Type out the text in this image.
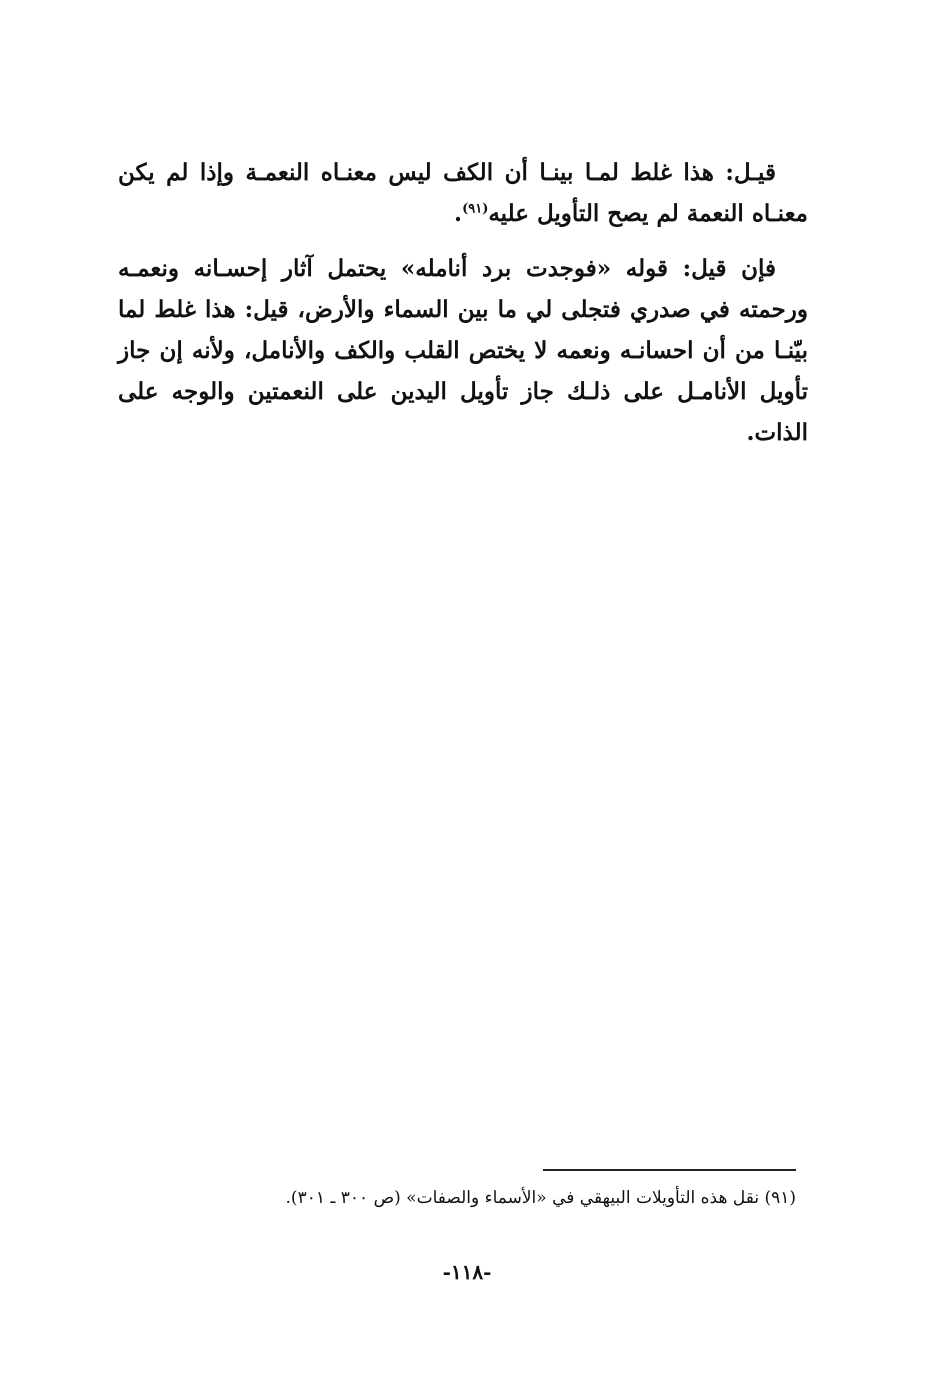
قيـل: هذا غلط لمـا بينـا أن الكف ليس معنـاه النعمـة وإذا لم يكن معنـاه النعمة لم يصح التأويل عليه$^{(٩١)}$.

فإن قيل: قوله «فوجدت برد أنامله» يحتمل آثار إحسـانه ونعمـه ورحمته في صدري فتجلى لي ما بين السماء والأرض، قيل: هذا غلط لما بيّنـا من أن احسانـه ونعمه لا يختص القلب والكف والأنامل، ولأنه إن جاز تأويل الأنامـل على ذلـك جاز تأويل اليدين على النعمتين والوجه على الذات.

(٩١) نقل هذه التأويلات البيهقي في «الأسماء والصفات» (ص ٣٠٠ ـ ٣٠١).
-١١٨-
